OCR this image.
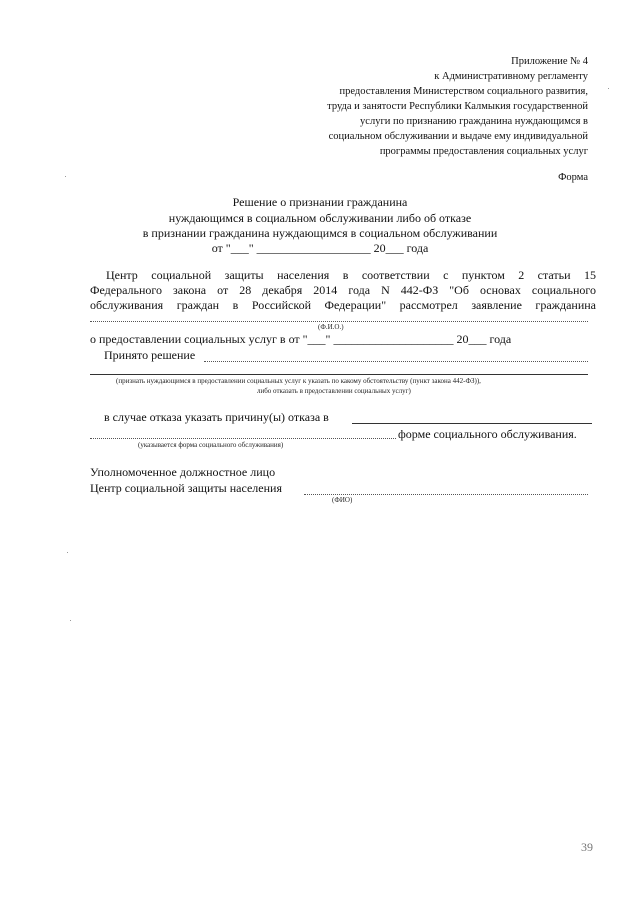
Приложение № 4
к Административному регламенту
предоставления Министерством социального развития,
труда и занятости Республики Калмыкия государственной
услуги по признанию гражданина нуждающимся в
социальном обслуживании и выдаче ему индивидуальной
программы предоставления социальных услуг
Форма
Решение о признании гражданина
нуждающимся в социальном обслуживании либо об отказе
в признании гражданина нуждающимся в социальном обслуживании
от "___" ___________________ 20___ года
Центр социальной защиты населения в соответствии с пунктом 2 статьи 15
Федерального закона от 28 декабря 2014 года N 442-ФЗ "Об основах социального
обслуживания граждан в Российской Федерации" рассмотрел заявление гражданина
(Ф.И.О.)
о предоставлении социальных услуг в от "___" ____________________ 20___ года
Принято решение
(признать нуждающимся в предоставлении социальных услуг к указать по какому обстоятельству (пункт закона 442-ФЗ)),
либо отказать в предоставлении социальных услуг)
в случае отказа указать причину(ы) отказа в
форме социального обслуживания.
(указывается форма социального обслуживания)
Уполномоченное должностное лицо
Центр социальной защиты населения
(ФИО)
39
